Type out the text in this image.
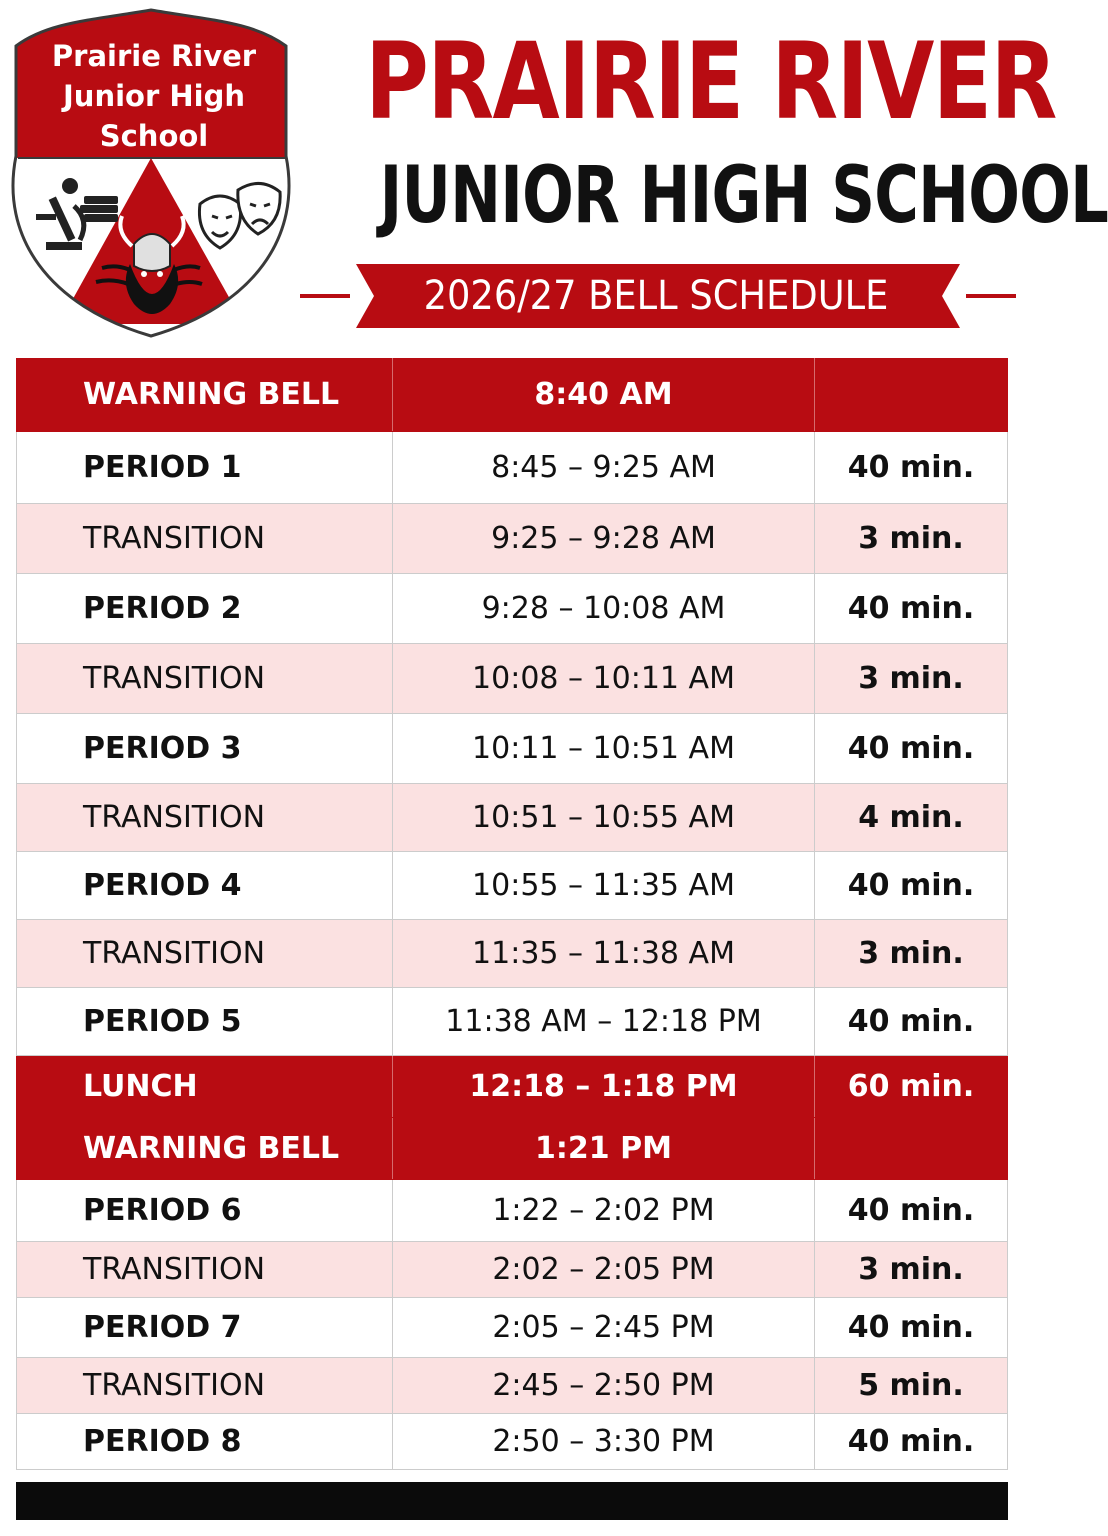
Prairie River
Junior High
School	PRAIRIE RIVER
JUNIOR HIGH SCHOOL
2026/27 BELL SCHEDULE
WARNING BELL	8:40 AM
PERIOD 1	8:45 – 9:25 AM	40 min.
TRANSITION	9:25 – 9:28 AM	3 min.
PERIOD 2	9:28 – 10:08 AM	40 min.
TRANSITION	10:08 – 10:11 AM	3 min.
PERIOD 3	10:11 – 10:51 AM	40 min.
TRANSITION	10:51 – 10:55 AM	4 min.
PERIOD 4	10:55 – 11:35 AM	40 min.
TRANSITION	11:35 – 11:38 AM	3 min.
PERIOD 5	11:38 AM – 12:18 PM	40 min.
LUNCH	12:18 – 1:18 PM	60 min.
WARNING BELL	1:21 PM
PERIOD 6	1:22 – 2:02 PM	40 min.
TRANSITION	2:02 – 2:05 PM	3 min.
PERIOD 7	2:05 – 2:45 PM	40 min.
TRANSITION	2:45 – 2:50 PM	5 min.
PERIOD 8	2:50 – 3:30 PM	40 min.
